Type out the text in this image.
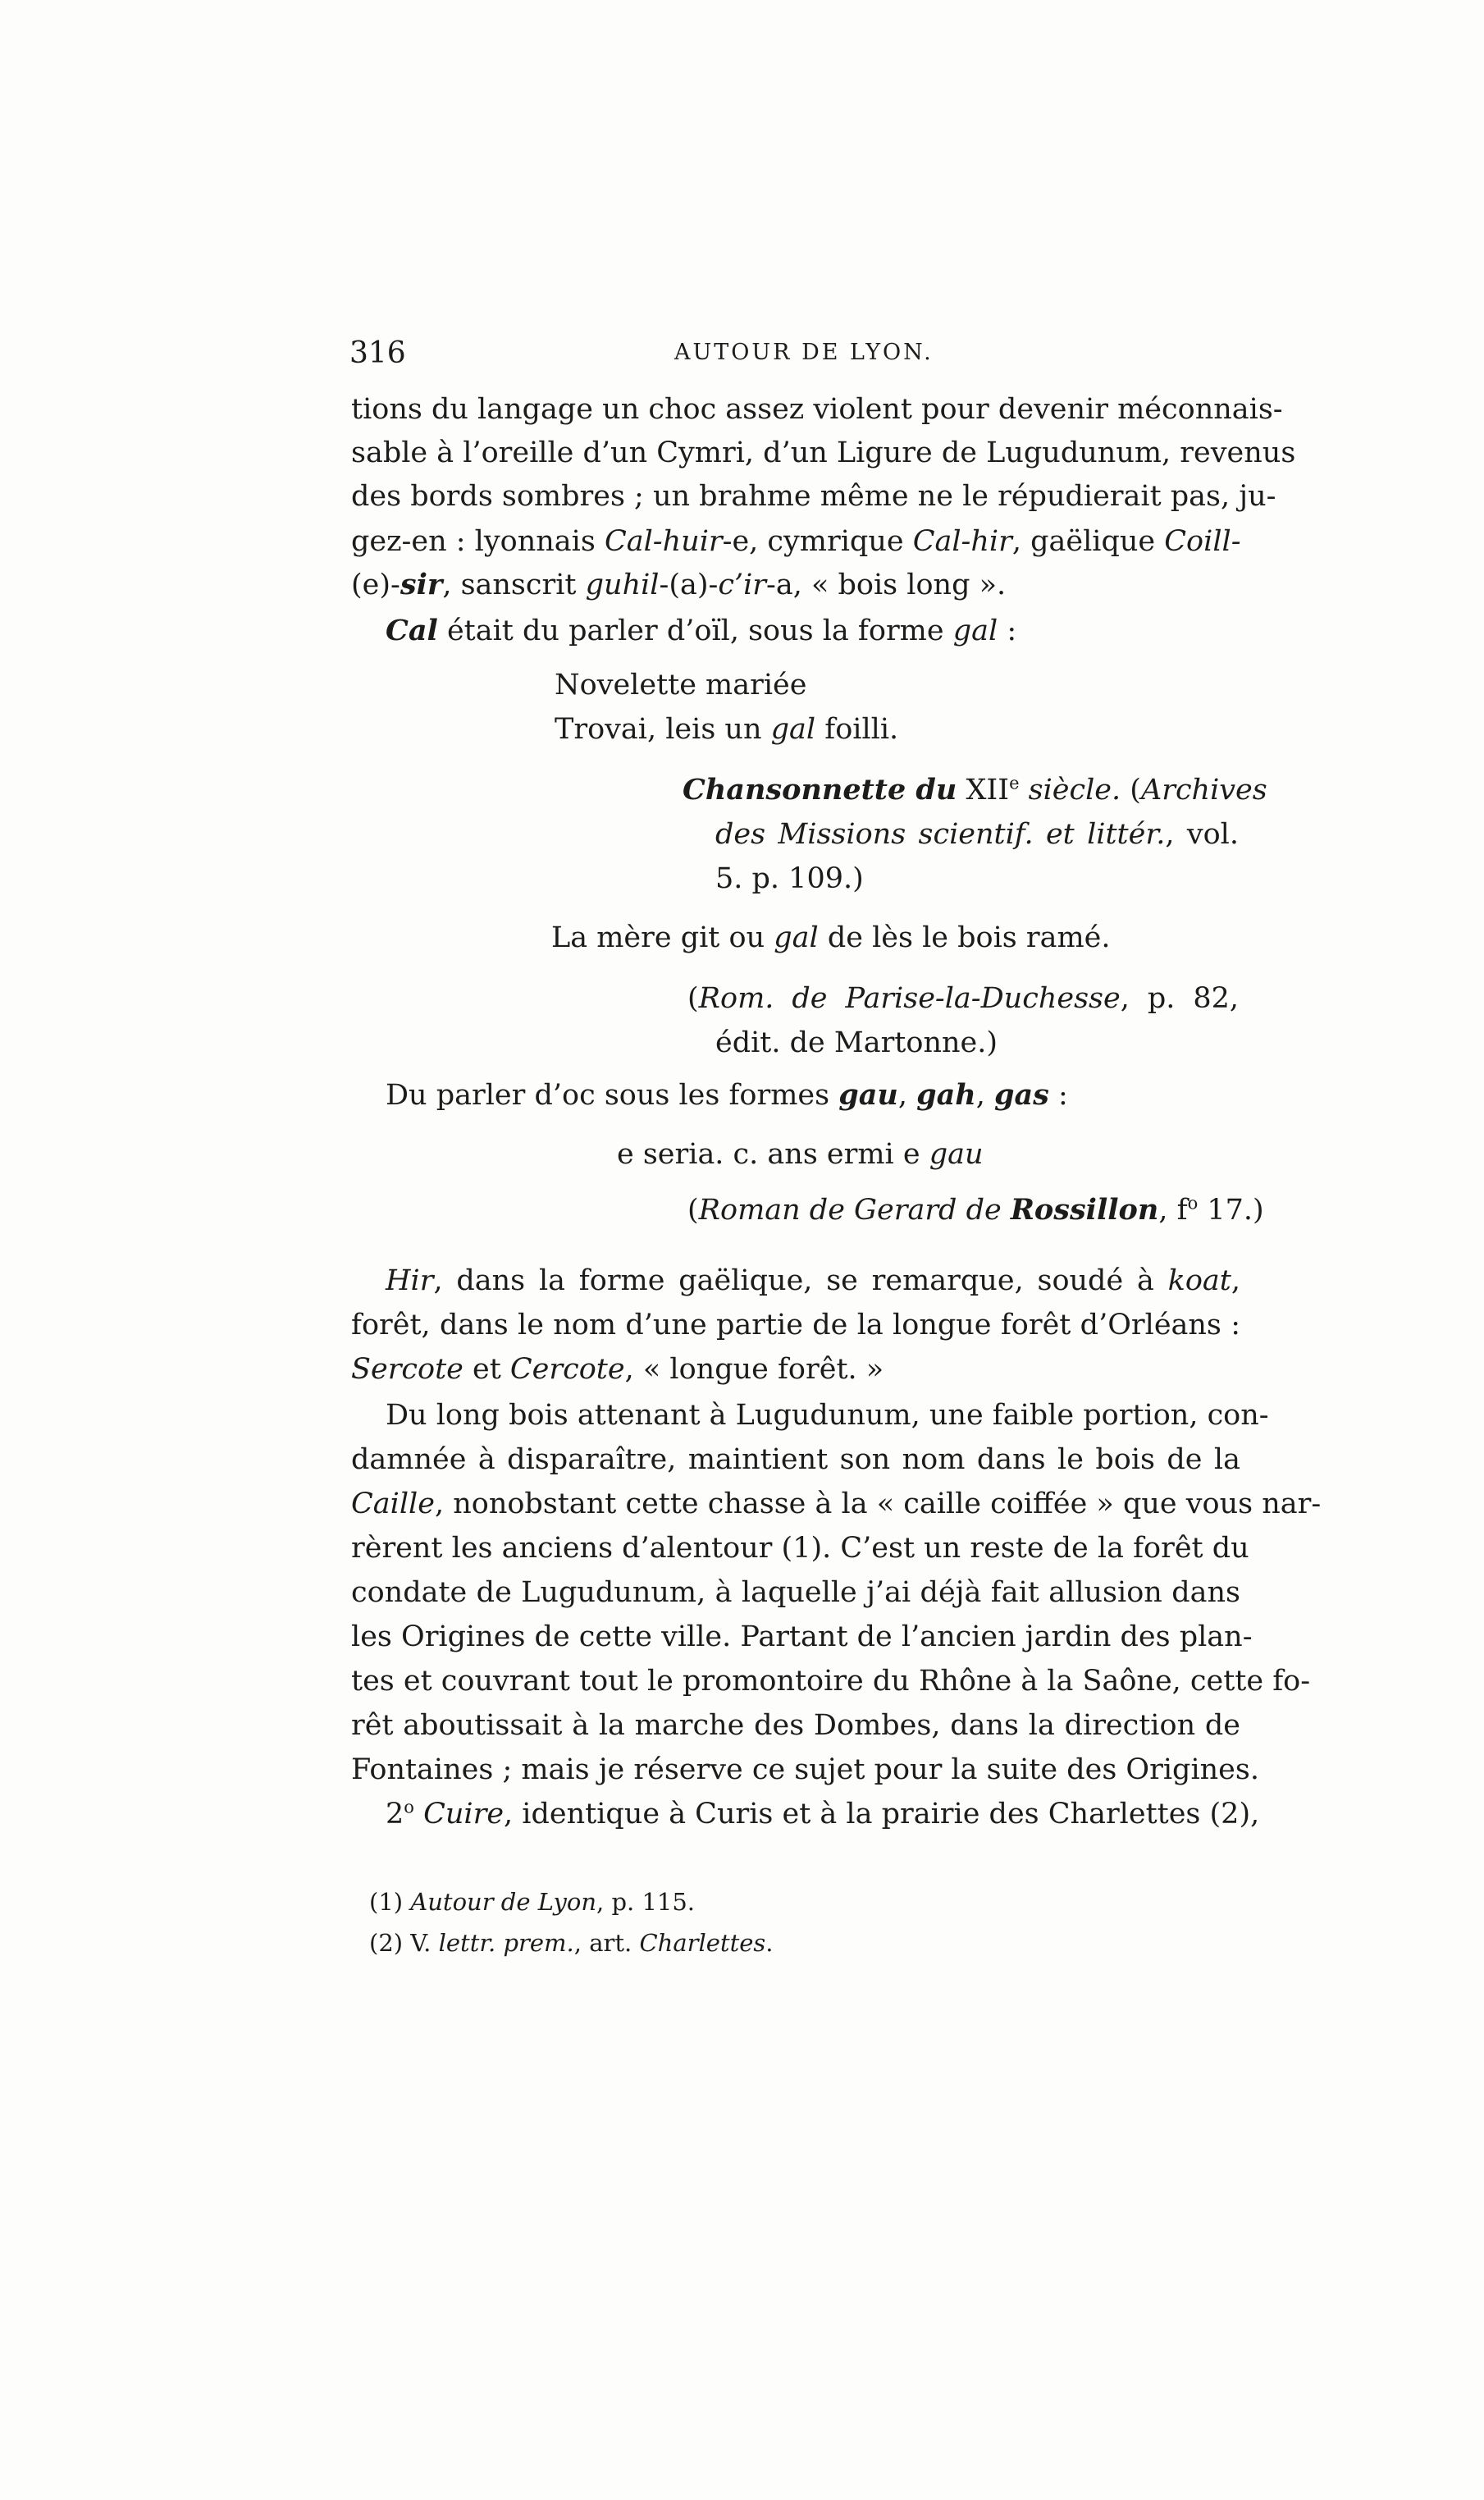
316	AUTOUR DE LYON.
tions du langage un choc assez violent pour devenir méconnais-
sable à l’oreille d’un Cymri, d’un Ligure de Lugudunum, revenus
des bords sombres ; un brahme même ne le répudierait pas, ju-
gez-en : lyonnais Cal-huir-e, cymrique Cal-hir, gaëlique Coill-
(e)-sir, sanscrit guhil-(a)-c’ir-a, « bois long ».
Cal était du parler d’oïl, sous la forme gal :
Novelette mariée
Trovai, leis un gal foilli.
Chansonnette du XIIe siècle. (Archives
des Missions scientif. et littér., vol.
5. p. 109.)
La mère git ou gal de lès le bois ramé.
(Rom. de Parise-la-Duchesse, p. 82,
édit. de Martonne.)
Du parler d’oc sous les formes gau, gah, gas :
e seria. c. ans ermi e gau
(Roman de Gerard de Rossillon, $f^o$ 17.)
Hir, dans la forme gaëlique, se remarque, soudé à koat,
forêt, dans le nom d’une partie de la longue forêt d’Orléans :
Sercote et Cercote, « longue forêt. »
Du long bois attenant à Lugudunum, une faible portion, con-
damnée à disparaître, maintient son nom dans le bois de la
Caille, nonobstant cette chasse à la « caille coiffée » que vous nar-
rèrent les anciens d’alentour (1). C’est un reste de la forêt du
condate de Lugudunum, à laquelle j’ai déjà fait allusion dans
les Origines de cette ville. Partant de l’ancien jardin des plan-
tes et couvrant tout le promontoire du Rhône à la Saône, cette fo-
rêt aboutissait à la marche des Dombes, dans la direction de
Fontaines ; mais je réserve ce sujet pour la suite des Origines.
2$^o$ Cuire, identique à Curis et à la prairie des Charlettes (2),
(1) Autour de Lyon, p. 115.
(2) V. lettr. prem., art. Charlettes.
